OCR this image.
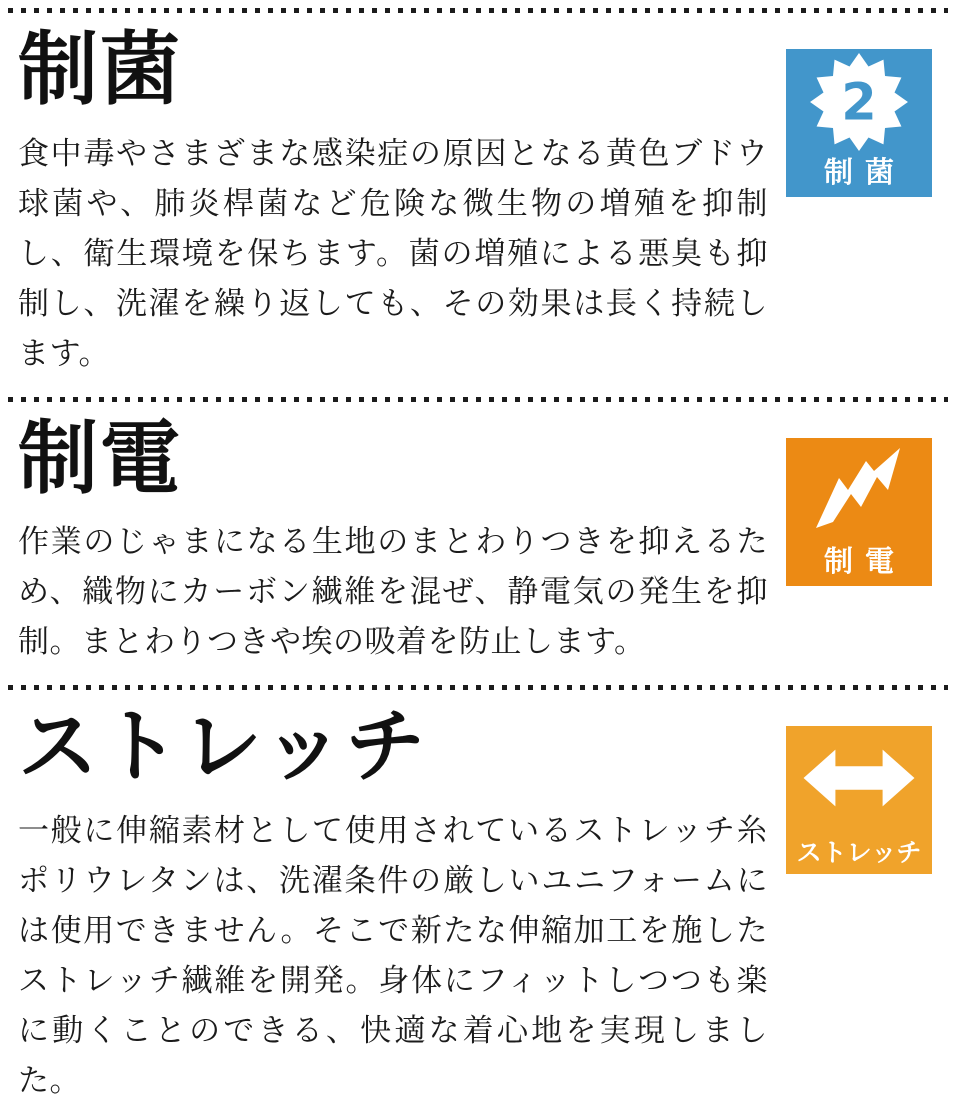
制菌

食中毒やさまざまな感染症の原因となる黄色ブドウ球菌や、肺炎桿菌など危険な微生物の増殖を抑制し、衛生環境を保ちます。菌の増殖による悪臭も抑制し、洗濯を繰り返しても、その効果は長く持続します。

2
制菌
制電

作業のじゃまになる生地のまとわりつきを抑えるため、織物にカーボン繊維を混ぜ、静電気の発生を抑制。まとわりつきや埃の吸着を防止します。

制電
ストレッチ

一般に伸縮素材として使用されているストレッチ糸ポリウレタンは、洗濯条件の厳しいユニフォームには使用できません。そこで新たな伸縮加工を施したストレッチ繊維を開発。身体にフィットしつつも楽に動くことのできる、快適な着心地を実現しました。

ストレッチ
